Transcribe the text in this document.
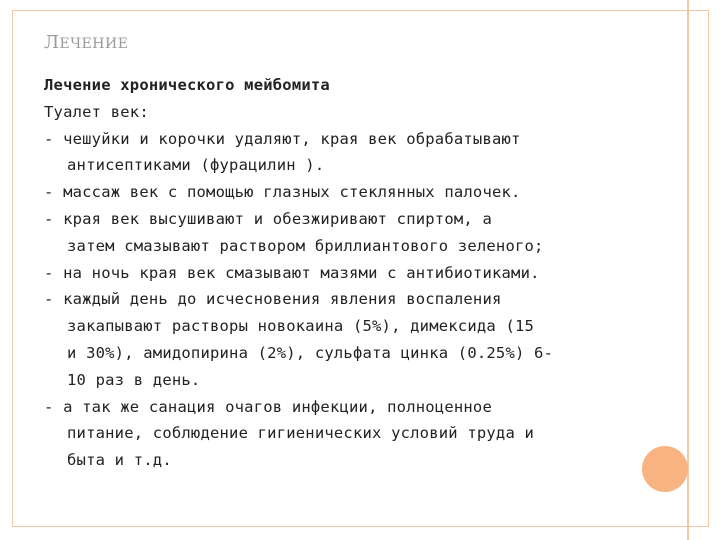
ЛЕЧЕНИЕ
Лечение хронического мейбомита
Туалет век:
- чешуйки и корочки удаляют, края век обрабатывают
антисептиками (фурацилин ).
- массаж век с помощью глазных стеклянных палочек.
- края век высушивают и обезжиривают спиртом, а
затем смазывают раствором бриллиантового зеленого;
- на ночь края век смазывают мазями с антибиотиками.
- каждый день до исчесновения явления воспаления
закапывают растворы новокаина (5%), димексида (15
и 30%), амидопирина (2%), сульфата цинка (0.25%) 6-
10 раз в день.
- а так же санация очагов инфекции, полноценное
питание, соблюдение гигиенических условий труда и
быта и т.д.
